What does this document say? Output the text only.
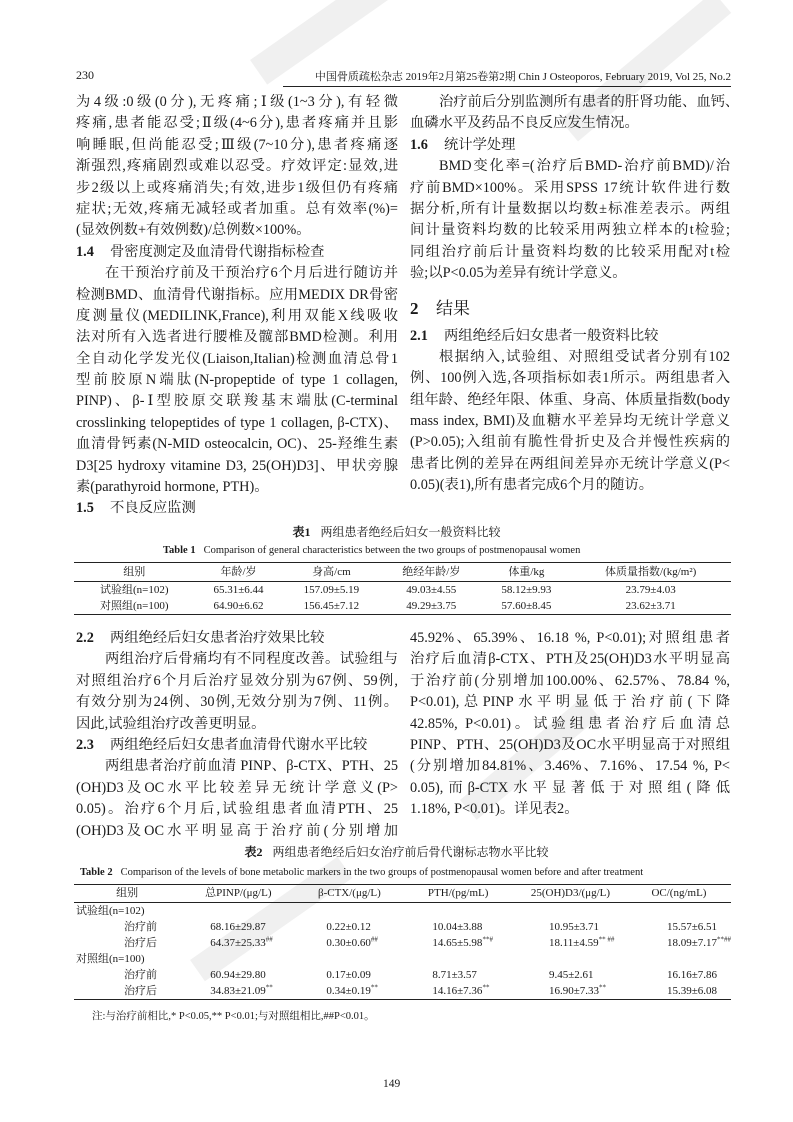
230	中国骨质疏松杂志 2019年2月第25卷第2期 Chin J Osteoporos, February 2019, Vol 25, No.2
为4级:0级(0分),无疼痛;Ⅰ级(1~3分),有轻微
疼痛,患者能忍受;Ⅱ级(4~6分),患者疼痛并且影
响睡眠,但尚能忍受;Ⅲ级(7~10分),患者疼痛逐
渐强烈,疼痛剧烈或难以忍受。疗效评定:显效,进
步2级以上或疼痛消失;有效,进步1级但仍有疼痛
症状;无效,疼痛无减轻或者加重。总有效率(%)=
(显效例数+有效例数)/总例数×100%。
1.4 骨密度测定及血清骨代谢指标检查
在干预治疗前及干预治疗6个月后进行随访并
检测BMD、血清骨代谢指标。应用MEDIX DR骨密
度测量仪(MEDILINK,France),利用双能X线吸收
法对所有入选者进行腰椎及髋部BMD检测。利用
全自动化学发光仪(Liaison,Italian)检测血清总骨1
型前胶原N端肽(N-propeptide of type 1 collagen,
PINP)、β-Ⅰ型胶原交联羧基末端肽(C-terminal
crosslinking telopeptides of type 1 collagen, β-CTX)、
血清骨钙素(N-MID osteocalcin, OC)、25-羟维生素
D3[25 hydroxy vitamine D3, 25(OH)D3]、甲状旁腺
素(parathyroid hormone, PTH)。
1.5 不良反应监测
治疗前后分别监测所有患者的肝肾功能、血钙、
血磷水平及药品不良反应发生情况。
1.6 统计学处理
BMD变化率=(治疗后BMD-治疗前BMD)/治
疗前BMD×100%。采用SPSS 17统计软件进行数
据分析,所有计量数据以均数±标准差表示。两组
间计量资料均数的比较采用两独立样本的t检验;
同组治疗前后计量资料均数的比较采用配对t检
验;以P<0.05为差异有统计学意义。
2 结果
2.1 两组绝经后妇女患者一般资料比较
根据纳入,试验组、对照组受试者分别有102
例、100例入选,各项指标如表1所示。两组患者入
组年龄、绝经年限、体重、身高、体质量指数(body
mass index, BMI)及血糖水平差异均无统计学意义
(P>0.05);入组前有脆性骨折史及合并慢性疾病的
患者比例的差异在两组间差异亦无统计学意义(P<
0.05)(表1),所有患者完成6个月的随访。
表1 两组患者绝经后妇女一般资料比较
Table 1 Comparison of general characteristics between the two groups of postmenopausal women
组别	年龄/岁	身高/cm	绝经年龄/岁	体重/kg	体质量指数/(kg/m²)
试验组(n=102)	65.31±6.44	157.09±5.19	49.03±4.55	58.12±9.93	23.79±4.03
对照组(n=100)	64.90±6.62	156.45±7.12	49.29±3.75	57.60±8.45	23.62±3.71
2.2 两组绝经后妇女患者治疗效果比较
两组治疗后骨痛均有不同程度改善。试验组与
对照组治疗6个月后治疗显效分别为67例、59例,
有效分别为24例、30例,无效分别为7例、11例。
因此,试验组治疗改善更明显。
2.3 两组绝经后妇女患者血清骨代谢水平比较
两组患者治疗前血清 PINP、β-CTX、PTH、25
(OH)D3及OC水平比较差异无统计学意义(P>
0.05)。治疗6个月后,试验组患者血清PTH、25
(OH)D3及OC水平明显高于治疗前(分别增加
45.92%、65.39%、16.18 %, P<0.01);对照组患者
治疗后血清β-CTX、PTH及25(OH)D3水平明显高
于治疗前(分别增加100.00%、62.57%、78.84 %,
P<0.01),总PINP水平明显低于治疗前(下降
42.85%, P<0.01)。试验组患者治疗后血清总
PINP、PTH、25(OH)D3及OC水平明显高于对照组
(分别增加84.81%、3.46%、7.16%、17.54 %, P<
0.05),而β-CTX水平显著低于对照组(降低
1.18%, P<0.01)。详见表2。
表2 两组患者绝经后妇女治疗前后骨代谢标志物水平比较
Table 2 Comparison of the levels of bone metabolic markers in the two groups of postmenopausal women before and after treatment
组别	总PINP/(μg/L)	β-CTX/(μg/L)	PTH/(pg/mL)	25(OH)D3/(μg/L)	OC/(ng/mL)
试验组(n=102)					
治疗前	68.16±29.87	0.22±0.12	10.04±3.88	10.95±3.71	15.57±6.51
治疗后	64.37±25.33##	0.30±0.60##	14.65±5.98**#	18.11±4.59** ##	18.09±7.17**##
对照组(n=100)					
治疗前	60.94±29.80	0.17±0.09	8.71±3.57	9.45±2.61	16.16±7.86
治疗后	34.83±21.09**	0.34±0.19**	14.16±7.36**	16.90±7.33**	15.39±6.08
注:与治疗前相比,* P<0.05,** P<0.01;与对照组相比,##P<0.01。
149
